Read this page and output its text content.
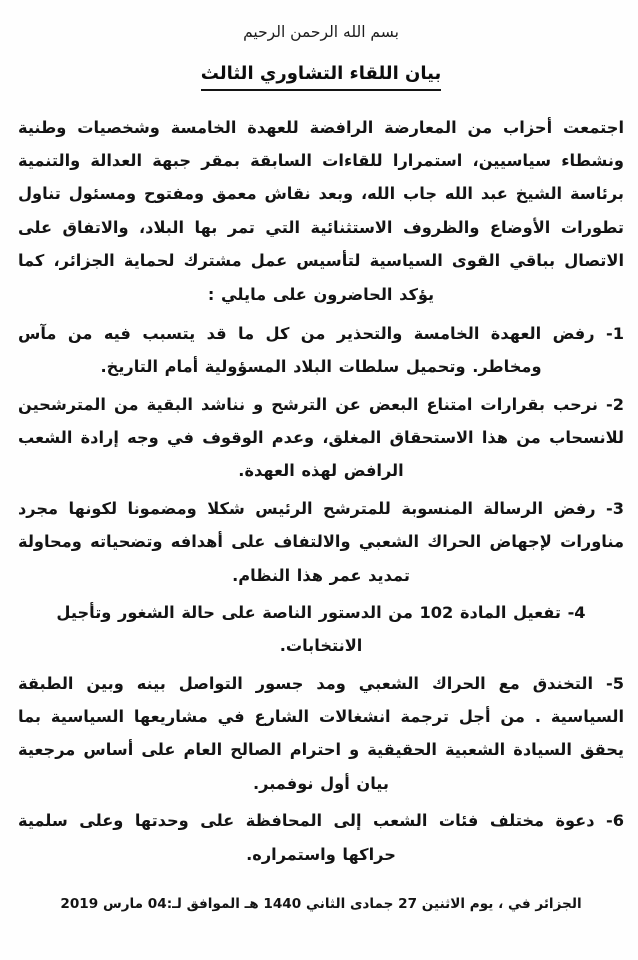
بسم الله الرحمن الرحيم
بيان اللقاء التشاوري الثالث

اجتمعت أحزاب من المعارضة الرافضة للعهدة الخامسة وشخصيات وطنية ونشطاء سياسيين، استمرارا للقاءات السابقة بمقر جبهة العدالة والتنمية برئاسة الشيخ عبد الله جاب الله، وبعد نقاش معمق ومفتوح ومسئول تناول تطورات الأوضاع والظروف الاستثنائية التي تمر بها البلاد، والاتفاق على الاتصال بباقي القوى السياسية لتأسيس عمل مشترك لحماية الجزائر، كما يؤكد الحاضرون على مايلي :

1- رفض العهدة الخامسة والتحذير من كل ما قد يتسبب فيه من مآس ومخاطر. وتحميل سلطات البلاد المسؤولية أمام التاريخ.

2- نرحب بقرارات امتناع البعض عن الترشح و نناشد البقية من المترشحين للانسحاب من هذا الاستحقاق المغلق، وعدم الوقوف في وجه إرادة الشعب الرافض لهذه العهدة.

3- رفض الرسالة المنسوبة للمترشح الرئيس شكلا ومضمونا لكونها مجرد مناورات لإجهاض الحراك الشعبي والالتفاف على أهدافه وتضحياته ومحاولة تمديد عمر هذا النظام.

4- تفعيل المادة 102 من الدستور الناصة على حالة الشغور وتأجيل الانتخابات.

5- التخندق مع الحراك الشعبي ومد جسور التواصل بينه وبين الطبقة السياسية . من أجل ترجمة انشغالات الشارع في مشاريعها السياسية بما يحقق السيادة الشعبية الحقيقية و احترام الصالح العام على أساس مرجعية بيان أول نوفمبر.

6- دعوة مختلف فئات الشعب إلى المحافظة على وحدتها وعلى سلمية حراكها واستمراره.

الجزائر في ، يوم الاثنين 27 جمادى الثاني 1440 هـ الموافق لـ:04 مارس 2019
